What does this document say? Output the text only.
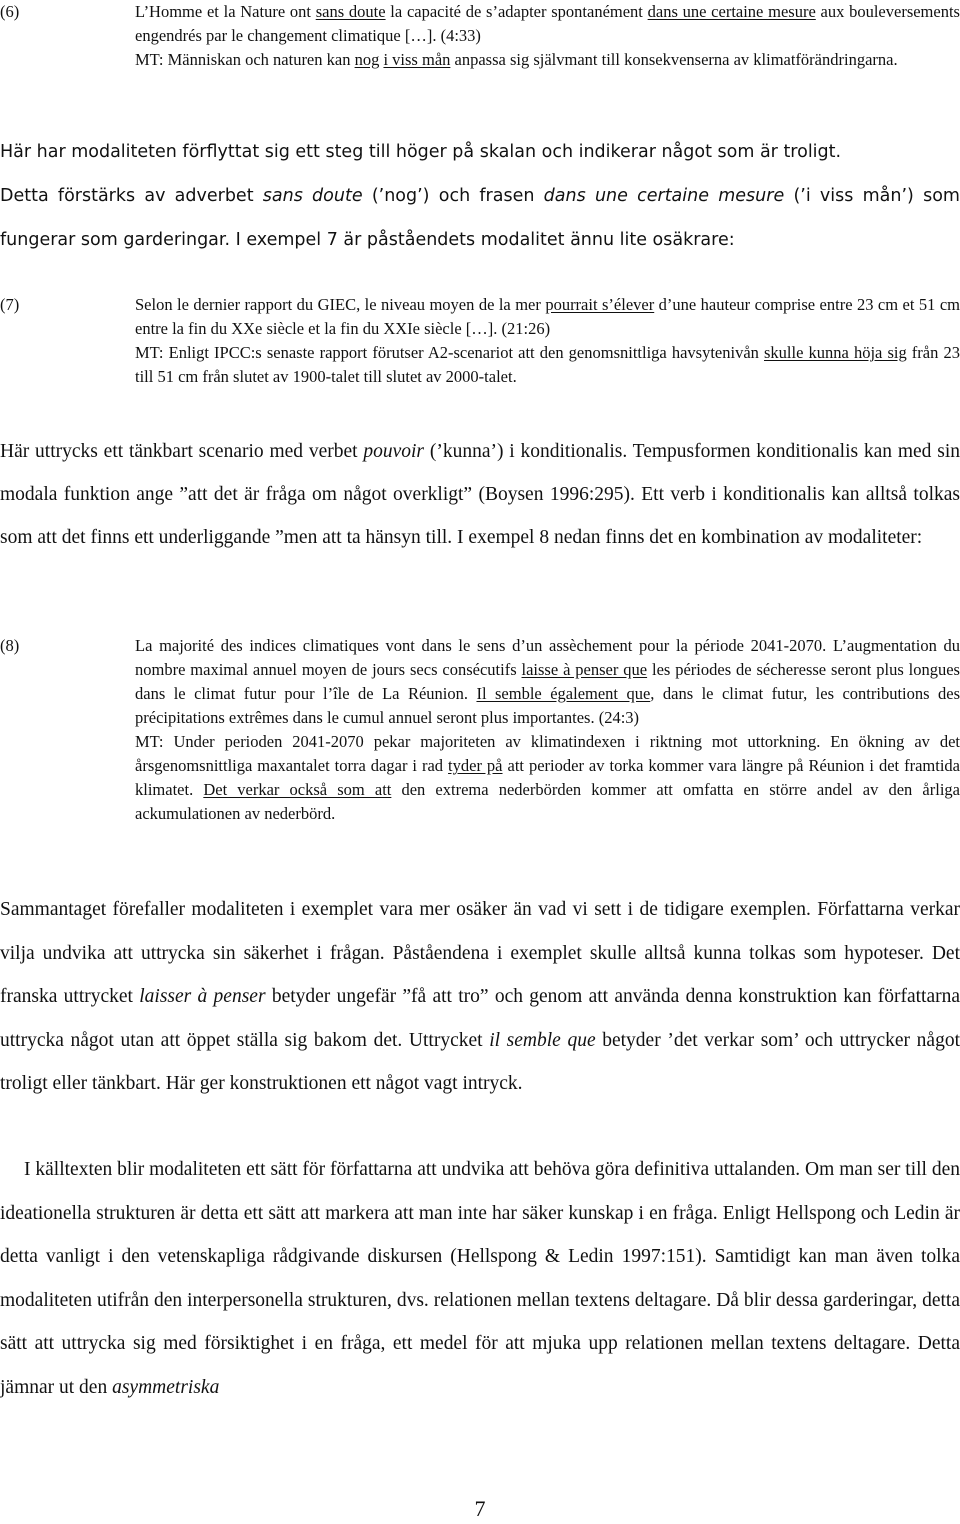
(6)	L’Homme et la Nature ont sans doute la capacité de s’adapter spontanément dans une certaine mesure aux bouleversements engendrés par le changement climatique […]. (4:33)
MT: Människan och naturen kan nog i viss mån anpassa sig självmant till konsekvenserna av klimatförändringarna.
Här har modaliteten förflyttat sig ett steg till höger på skalan och indikerar något som är troligt.
Detta förstärks av adverbet sans doute (’nog’) och frasen dans une certaine mesure (’i viss mån’) som fungerar som garderingar. I exempel 7 är påståendets modalitet ännu lite osäkrare:
(7)	Selon le dernier rapport du GIEC, le niveau moyen de la mer pourrait s’élever d’une hauteur comprise entre 23 cm et 51 cm entre la fin du XXe siècle et la fin du XXIe siècle […]. (21:26)
MT: Enligt IPCC:s senaste rapport förutser A2-scenariot att den genomsnittliga havsytenivån skulle kunna höja sig från 23 till 51 cm från slutet av 1900-talet till slutet av 2000-talet.
Här uttrycks ett tänkbart scenario med verbet pouvoir (’kunna’) i konditionalis. Tempusformen konditionalis kan med sin modala funktion ange ”att det är fråga om något overkligt” (Boysen 1996:295). Ett verb i konditionalis kan alltså tolkas som att det finns ett underliggande ”men att ta hänsyn till. I exempel 8 nedan finns det en kombination av modaliteter:
(8)	La majorité des indices climatiques vont dans le sens d’un assèchement pour la période 2041-2070. L’augmentation du nombre maximal annuel moyen de jours secs consécutifs laisse à penser que les périodes de sécheresse seront plus longues dans le climat futur pour l’île de La Réunion. Il semble également que, dans le climat futur, les contributions des précipitations extrêmes dans le cumul annuel seront plus importantes. (24:3)
MT: Under perioden 2041-2070 pekar majoriteten av klimatindexen i riktning mot uttorkning. En ökning av det årsgenomsnittliga maxantalet torra dagar i rad tyder på att perioder av torka kommer vara längre på Réunion i det framtida klimatet. Det verkar också som att den extrema nederbörden kommer att omfatta en större andel av den årliga ackumulationen av nederbörd.
Sammantaget förefaller modaliteten i exemplet vara mer osäker än vad vi sett i de tidigare exemplen. Författarna verkar vilja undvika att uttrycka sin säkerhet i frågan. Påståendena i exemplet skulle alltså kunna tolkas som hypoteser. Det franska uttrycket laisser à penser betyder ungefär ”få att tro” och genom att använda denna konstruktion kan författarna uttrycka något utan att öppet ställa sig bakom det. Uttrycket il semble que betyder ’det verkar som’ och uttrycker något troligt eller tänkbart. Här ger konstruktionen ett något vagt intryck.
I källtexten blir modaliteten ett sätt för författarna att undvika att behöva göra definitiva uttalanden. Om man ser till den ideationella strukturen är detta ett sätt att markera att man inte har säker kunskap i en fråga. Enligt Hellspong och Ledin är detta vanligt i den vetenskapliga rådgivande diskursen (Hellspong & Ledin 1997:151). Samtidigt kan man även tolka modaliteten utifrån den interpersonella strukturen, dvs. relationen mellan textens deltagare. Då blir dessa garderingar, detta sätt att uttrycka sig med försiktighet i en fråga, ett medel för att mjuka upp relationen mellan textens deltagare. Detta jämnar ut den asymmetriska
7
